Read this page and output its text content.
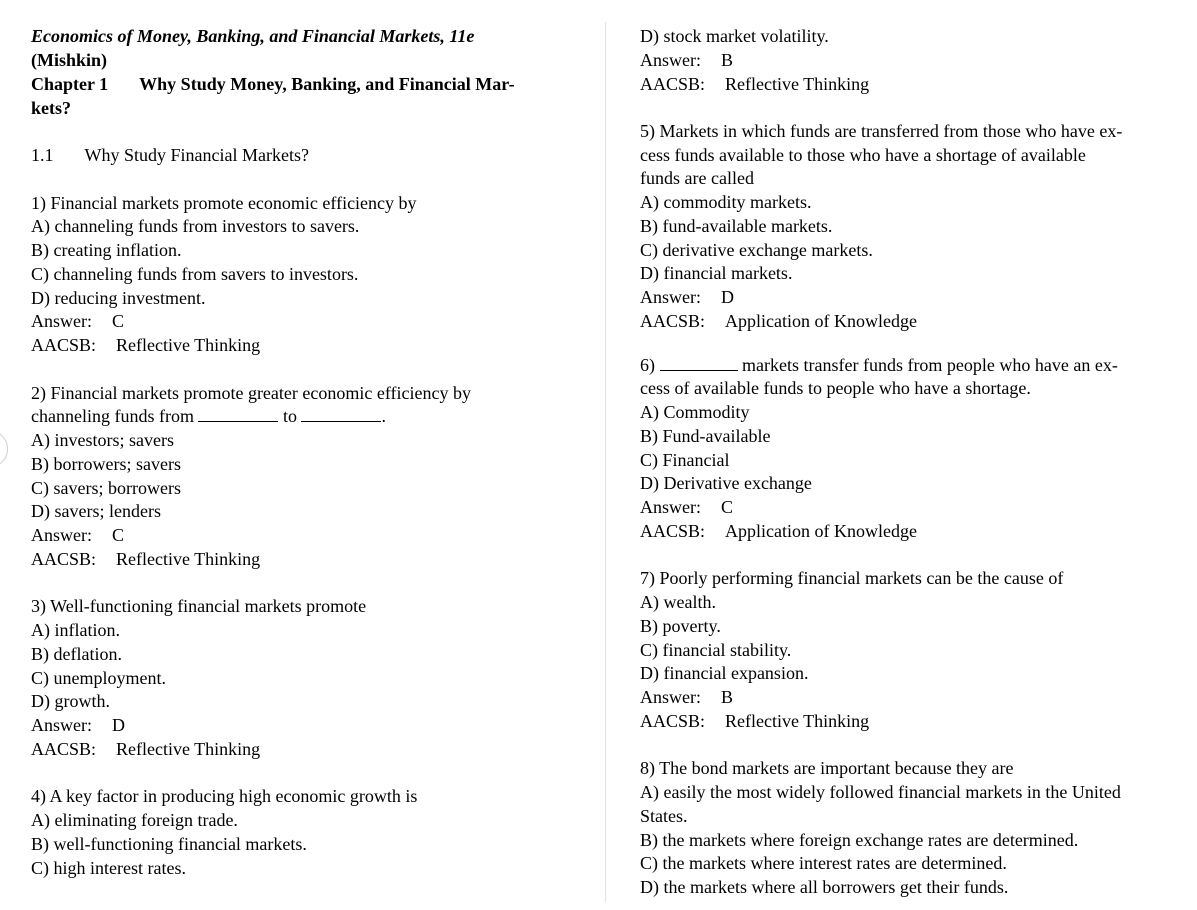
Economics of Money, Banking, and Financial Markets, 11e
(Mishkin)
Chapter 1 Why Study Money, Banking, and Financial Mar-
kets?
1.1 Why Study Financial Markets?
1) Financial markets promote economic efficiency by
A) channeling funds from investors to savers.
B) creating inflation.
C) channeling funds from savers to investors.
D) reducing investment.
Answer: C
AACSB: Reflective Thinking
2) Financial markets promote greater economic efficiency by
channeling funds from	to	.
A) investors; savers
B) borrowers; savers
C) savers; borrowers
D) savers; lenders
Answer: C
AACSB: Reflective Thinking
3) Well-functioning financial markets promote
A) inflation.
B) deflation.
C) unemployment.
D) growth.
Answer: D
AACSB: Reflective Thinking
4) A key factor in producing high economic growth is
A) eliminating foreign trade.
B) well-functioning financial markets.
C) high interest rates.
D) stock market volatility.
Answer: B
AACSB: Reflective Thinking
5) Markets in which funds are transferred from those who have ex-
cess funds available to those who have a shortage of available
funds are called
A) commodity markets.
B) fund-available markets.
C) derivative exchange markets.
D) financial markets.
Answer: D
AACSB: Application of Knowledge
6)	markets transfer funds from people who have an ex-
cess of available funds to people who have a shortage.
A) Commodity
B) Fund-available
C) Financial
D) Derivative exchange
Answer: C
AACSB: Application of Knowledge
7) Poorly performing financial markets can be the cause of
A) wealth.
B) poverty.
C) financial stability.
D) financial expansion.
Answer: B
AACSB: Reflective Thinking
8) The bond markets are important because they are
A) easily the most widely followed financial markets in the United
States.
B) the markets where foreign exchange rates are determined.
C) the markets where interest rates are determined.
D) the markets where all borrowers get their funds.
